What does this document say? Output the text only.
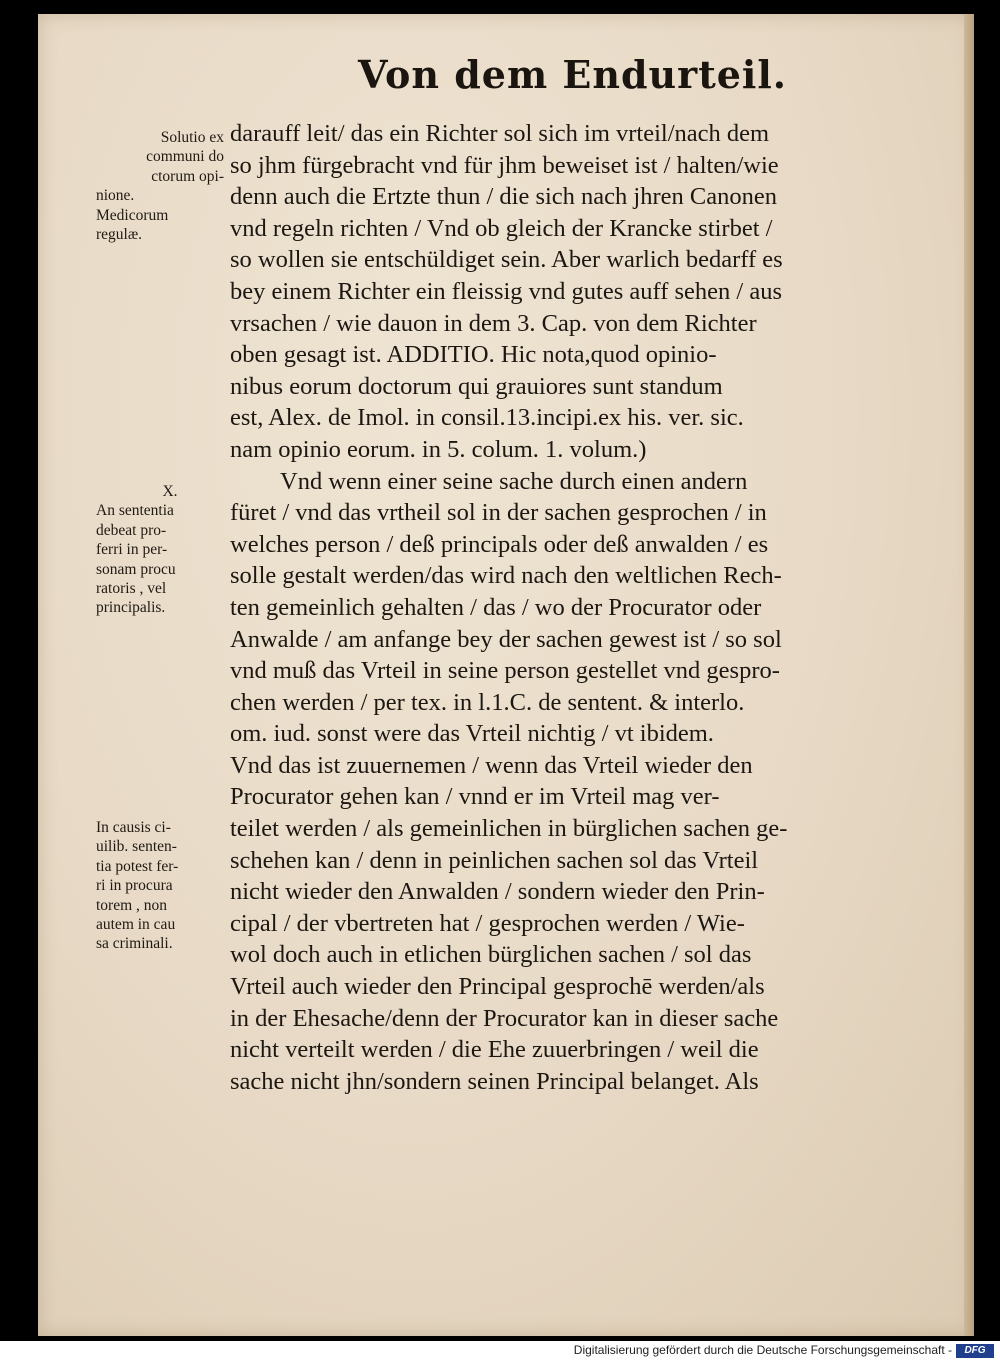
Von dem Endurteil.
darauff leit/ das ein Richter sol sich im vrteil/nach dem
so jhm fürgebracht vnd für jhm beweiset ist / halten/wie
denn auch die Ertzte thun / die sich nach jhren Canonen
vnd regeln richten / Vnd ob gleich der Krancke stirbet /
so wollen sie entschüldiget sein. Aber warlich bedarff es
bey einem Richter ein fleissig vnd gutes auff sehen / aus
vrsachen / wie dauon in dem 3. Cap. von dem Richter
oben gesagt ist. ADDITIO. Hic nota,quod opinio-
nibus eorum doctorum qui grauiores sunt standum
est, Alex. de Imol. in consil.13.incipi.ex his. ver. sic.
nam opinio eorum. in 5. colum. 1. volum.)
Vnd wenn einer seine sache durch einen andern
füret / vnd das vrtheil sol in der sachen gesprochen / in
welches person / deß principals oder deß anwalden / es
solle gestalt werden/das wird nach den weltlichen Rech-
ten gemeinlich gehalten / das / wo der Procurator oder
Anwalde / am anfange bey der sachen gewest ist / so sol
vnd muß das Vrteil in seine person gestellet vnd gespro-
chen werden / per tex. in l.1.C. de sentent. & interlo.
om. iud. sonst were das Vrteil nichtig / vt ibidem.
Vnd das ist zuuernemen / wenn das Vrteil wieder den
Procurator gehen kan / vnnd er im Vrteil mag ver-
teilet werden / als gemeinlichen in bürglichen sachen ge-
schehen kan / denn in peinlichen sachen sol das Vrteil
nicht wieder den Anwalden / sondern wieder den Prin-
cipal / der vbertreten hat / gesprochen werden / Wie-
wol doch auch in etlichen bürglichen sachen / sol das
Vrteil auch wieder den Principal gesprochē werden/als
in der Ehesache/denn der Procurator kan in dieser sache
nicht verteilt werden / die Ehe zuuerbringen / weil die
sache nicht jhn/sondern seinen Principal belanget. Als
Solutio ex
communi do
ctorum opi-
nione.
Medicorum
regulæ.
X.
An sententia
debeat pro-
ferri in per-
sonam procu
ratoris , vel
principalis.
In causis ci-
uilib. senten-
tia potest fer-
ri in procura
torem , non
autem in cau
sa criminali.
Digitalisierung gefördert durch die Deutsche Forschungsgemeinschaft -	DFG
